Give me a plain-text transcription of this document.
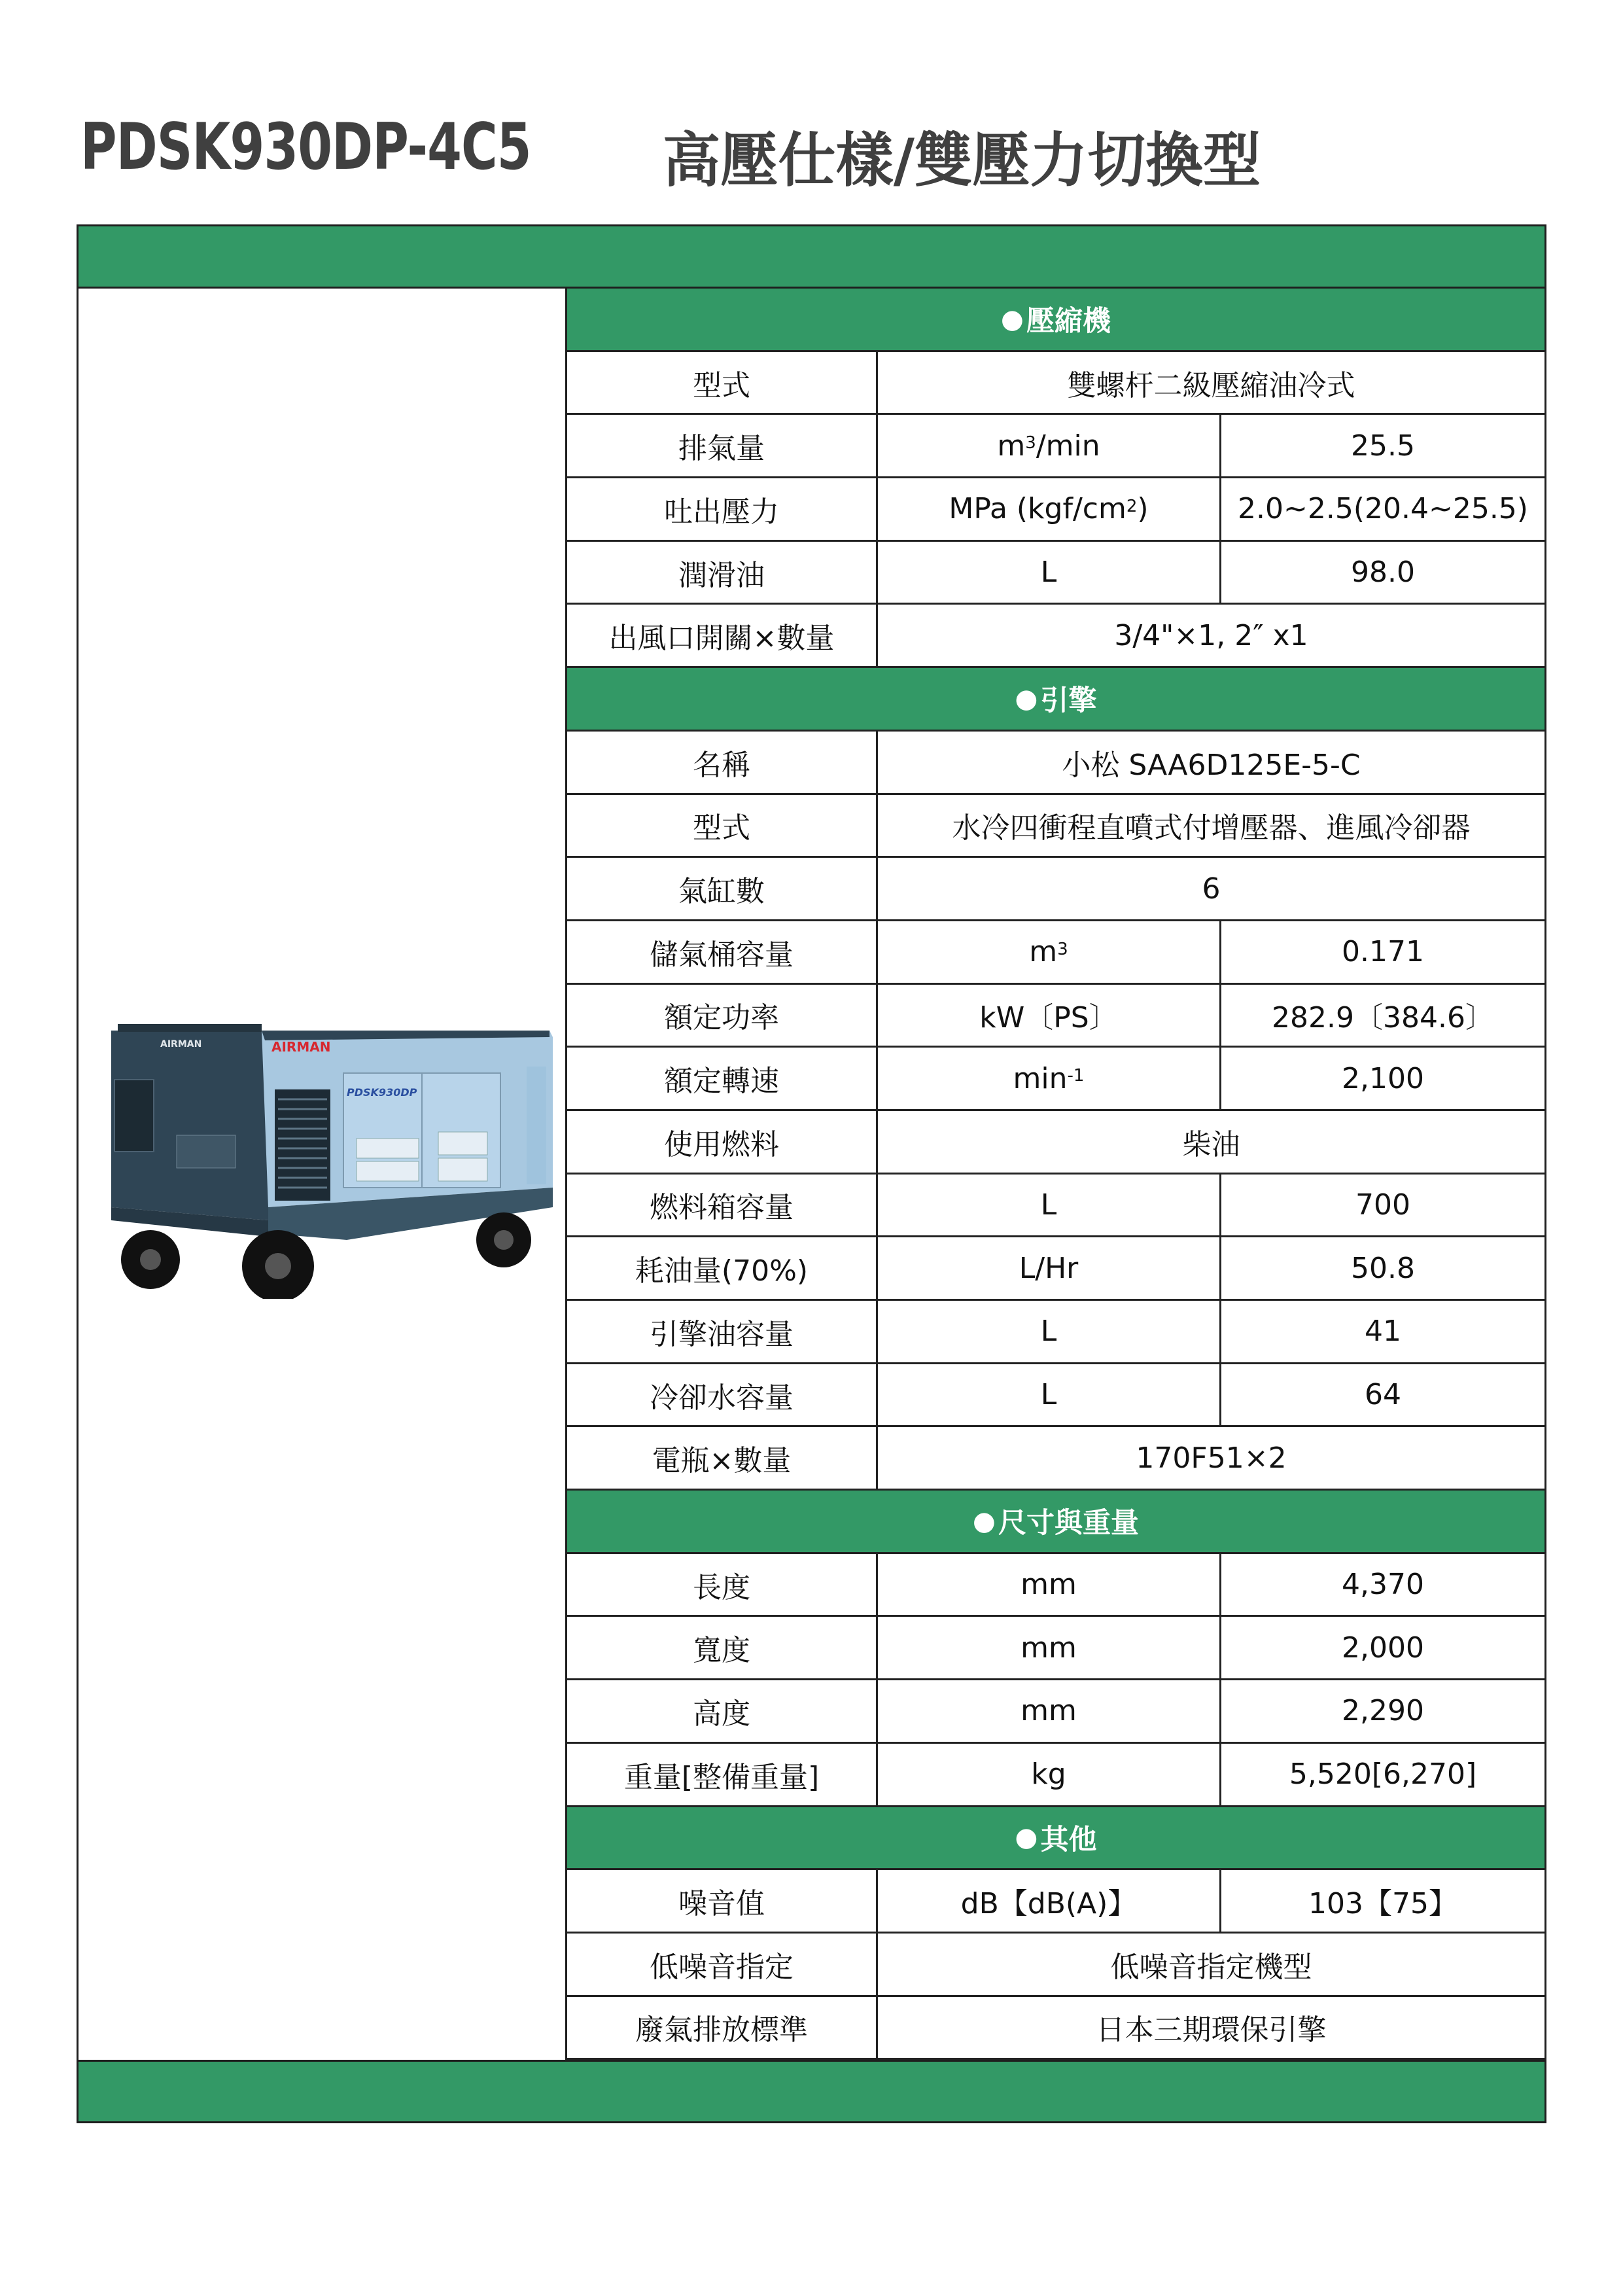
PDSK930DP-4C5 高壓仕樣/雙壓力切換型
AIRMAN
AIRMAN
PDSK930DP
● 壓縮機
型式	雙螺杆二級壓縮油冷式
排氣量	$m^3$ /min	25.5
吐出壓力	MPa ($kgf/cm^2$ )	2.0~2.5(20.4~25.5)
潤滑油	L	98.0
出風口開關×數量	3/4"×1, 2″ x1
● 引擎
名稱	小松 SAA6D125E-5-C
型式	水冷四衝程直噴式付增壓器、進風冷卻器
氣缸數	6
儲氣桶容量	$m^3$	0.171
額定功率	kW〔PS〕	282.9〔384.6〕
額定轉速	$\min^{-1}$	2,100
使用燃料	柴油
燃料箱容量	L	700
耗油量(70%)	L/Hr	50.8
引擎油容量	L	41
冷卻水容量	L	64
電瓶×數量	170F51×2
● 尺寸與重量
長度	mm	4,370
寬度	mm	2,000
高度	mm	2,290
重量[整備重量]	kg	5,520[6,270]
● 其他
噪音值	dB【dB(A)】	103【75】
低噪音指定	低噪音指定機型
廢氣排放標準	日本三期環保引擎
